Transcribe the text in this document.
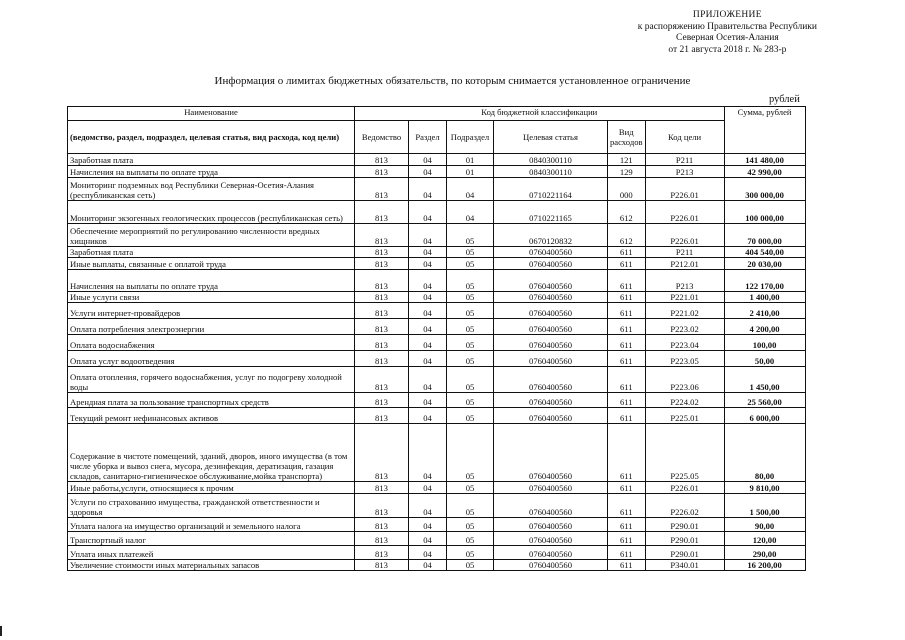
ПРИЛОЖЕНИЕ
к распоряжению Правительства Республики
Северная Осетия-Алания
от 21 августа 2018 г. № 283-р
Информация о лимитах бюджетных обязательств, по которым снимается установленное ограничение
рублей
Наименование	Код бюджетной классификации						Сумма, рублей
(ведомство, раздел, подраздел, целевая статья, вид расхода, код цели)	Ведомство	Раздел	Подраздел	Целевая статья	Вид расходов	Код цели	
Заработная плата	813	04	01	0840300110	121	Р211	141 480,00
Начисления на выплаты по оплате труда	813	04	01	0840300110	129	Р213	42 990,00
Мониторинг подземных вод Республики Северная-Осетия-Алания (республиканская сеть)	813	04	04	0710221164	000	Р226.01	300 000,00
Мониторинг экзогенных геологических процессов (республиканская сеть)	813	04	04	0710221165	612	Р226.01	100 000,00
Обеспечение мероприятий по регулированию численности вредных хищников	813	04	05	0670120832	612	Р226.01	70 000,00
Заработная плата	813	04	05	0760400560	611	Р211	404 540,00
Иные выплаты, связанные с оплатой труда	813	04	05	0760400560	611	Р212.01	20 030,00
Начисления на выплаты по оплате труда	813	04	05	0760400560	611	Р213	122 170,00
Иные услуги связи	813	04	05	0760400560	611	Р221.01	1 400,00
Услуги интернет-провайдеров	813	04	05	0760400560	611	Р221.02	2 410,00
Оплата потребления электроэнергии	813	04	05	0760400560	611	Р223.02	4 200,00
Оплата водоснабжения	813	04	05	0760400560	611	Р223.04	100,00
Оплата услуг водоотведения	813	04	05	0760400560	611	Р223.05	50,00
Оплата отопления, горячего водоснабжения, услуг по подогреву холодной воды	813	04	05	0760400560	611	Р223.06	1 450,00
Арендная плата за пользование транспортных средств	813	04	05	0760400560	611	Р224.02	25 560,00
Текущий ремонт нефинансовых активов	813	04	05	0760400560	611	Р225.01	6 000,00
Содержание в чистоте помещений, зданий, дворов, иного имущества (в том числе уборка и вывоз снега, мусора, дезинфекция, дератизация, газация складов, санитарно-гигиеническое обслуживание,мойка транспорта)	813	04	05	0760400560	611	Р225.05	80,00
Иные работы,услуги, относящиеся к прочим	813	04	05	0760400560	611	Р226.01	9 810,00
Услуги по страхованию имущества, гражданской ответственности и здоровья	813	04	05	0760400560	611	Р226.02	1 500,00
Уплата налога на имущество организаций и земельного налога	813	04	05	0760400560	611	Р290.01	90,00
Транспортный налог	813	04	05	0760400560	611	Р290.01	120,00
Уплата иных платежей	813	04	05	0760400560	611	Р290.01	290,00
Увеличение стоимости иных материальных запасов	813	04	05	0760400560	611	Р340.01	16 200,00
